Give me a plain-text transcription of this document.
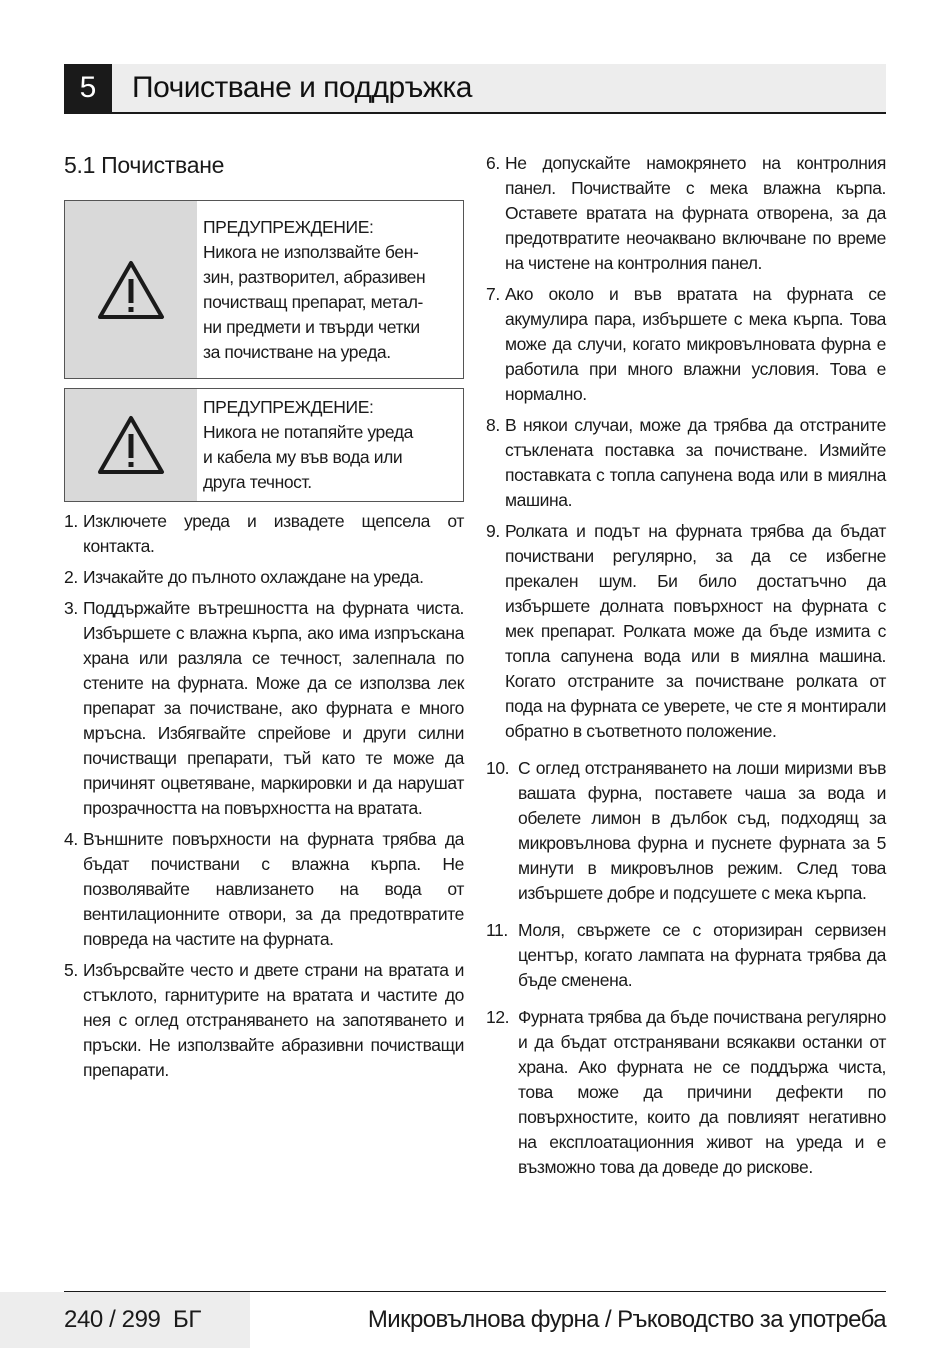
5	Почистване и поддръжка
5.1 Почистване
ПРЕДУПРЕЖДЕНИЕ:
Никога не използвайте бен-
зин, разтворител, абразивен
почистващ препарат, метал-
ни предмети и твърди четки
за почистване на уреда.
ПРЕДУПРЕЖДЕНИЕ:
Никога не потапяйте уреда
и кабела му във вода или
друга течност.
1. Изключете уреда и извадете щепсела от контакта.
2. Изчакайте до пълното охлаждане на уреда.
3. Поддържайте вътрешността на фурната чиста. Избършете с влажна кърпа, ако има изпръскана храна или разляла се течност, залепнала по стените на фурната. Може да се използва лек препарат за почистване, ако фурната е много мръсна. Избягвайте спрейове и други силни почистващи препарати, тъй като те може да причинят оцветяване, маркировки и да нарушат прозрачността на повърхността на вратата.
4. Външните повърхности на фурната трябва да бъдат почиствани с влажна кърпа. Не позволявайте навлизането на вода от вентилационните отвори, за да предотвратите повреда на частите на фурната.
5. Избърсвайте често и двете страни на вратата и стъклото, гарнитурите на вратата и частите до нея с оглед отстраняването на запотяването и пръски. Не използвайте абразивни почистващи препарати.
6. Не допускайте намокрянето на контролния панел. Почиствайте с мека влажна кърпа. Оставете вратата на фурната отворена, за да предотвратите неочаквано включване по време на чистене на контролния панел.
7. Ако около и във вратата на фурната се акумулира пара, избършете с мека кърпа. Това може да случи, когато микровълновата фурна е работила при много влажни условия. Това е нормално.
8. В някои случаи, може да трябва да отстраните стъклената поставка за почистване. Измийте поставката с топла сапунена вода или в миялна машина.
9. Ролката и подът на фурната трябва да бъдат почиствани регулярно, за да се избегне прекален шум. Би било достатъчно да избършете долната повърхност на фурната с мек препарат. Ролката може да бъде измита с топла сапунена вода или в миялна машина. Когато отстраните за почистване ролката от пода на фурната се уверете, че сте я монтирали обратно в съответното положение.
10. С оглед отстраняването на лоши миризми във вашата фурна, поставете чаша за вода и обелете лимон в дълбок съд, подходящ за микровълнова фурна и пуснете фурната за 5 минути в микровълнов режим. След това избършете добре и подсушете с мека кърпа.
11. Моля, свържете се с оторизиран сервизен център, когато лампата на фурната трябва да бъде сменена.
12. Фурната трябва да бъде почиствана регулярно и да бъдат отстранявани всякакви останки от храна. Ако фурната не се поддържа чиста, това може да причини дефекти по повърхностите, които да повлияят негативно на експлоатационния живот на уреда и е възможно това да доведе до рискове.
240 / 299  БГ	Микровълнова фурна / Ръководство за употреба
